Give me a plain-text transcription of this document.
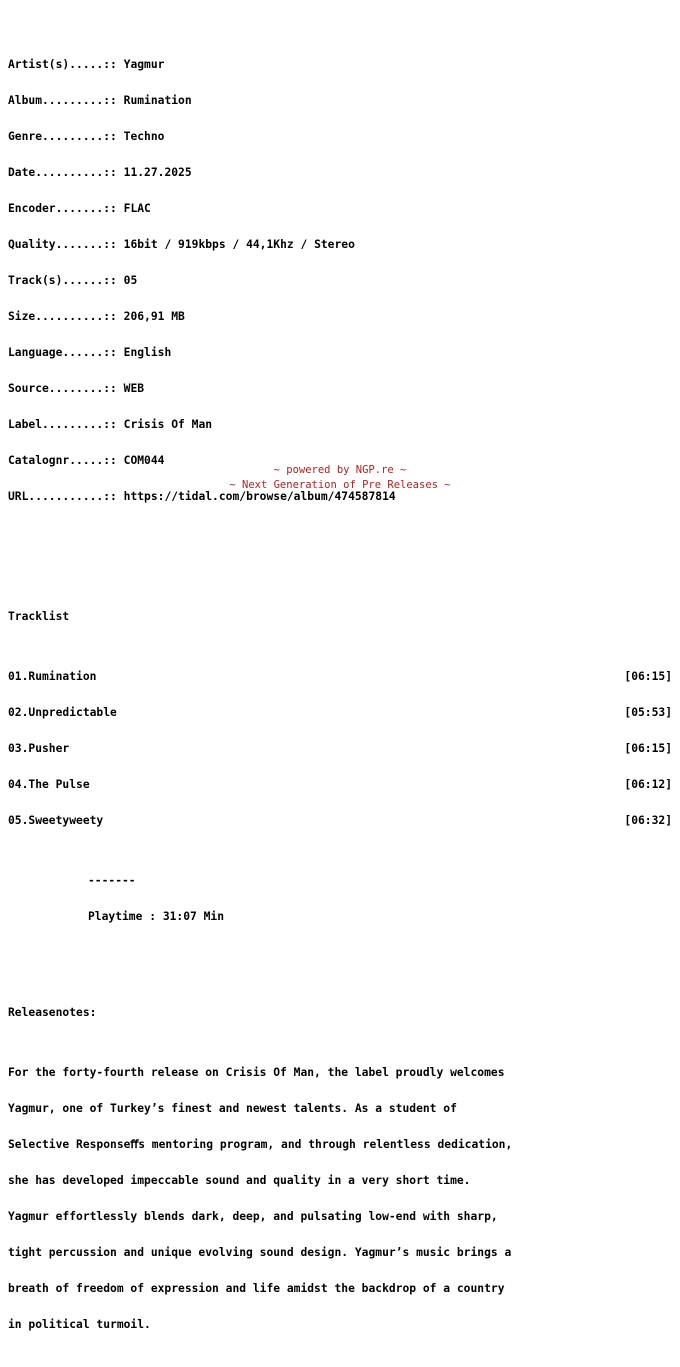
Artist(s).....:: Yagmur

Album.........:: Rumination

Genre.........:: Techno

Date..........:: 11.27.2025

Encoder.......:: FLAC

Quality.......:: 16bit / 919kbps / 44,1Khz / Stereo

Track(s)......:: 05

Size..........:: 206,91 MB

Language......:: English

Source........:: WEB

Label.........:: Crisis Of Man

Catalognr.....:: COM044

URL...........:: https://tidal.com/browse/album/474587814

Tracklist

01.Rumination	[06:15]

02.Unpredictable	[05:53]

03.Pusher	[06:15]

04.The Pulse	[06:12]

05.Sweetyweety	[06:32]

-------

Playtime : 31:07 Min

Releasenotes:

For the forty-fourth release on Crisis Of Man, the label proudly welcomes

Yagmur, one of Turkey’s finest and newest talents. As a student of

Selective Responseﬀs mentoring program, and through relentless dedication,

she has developed impeccable sound and quality in a very short time.

Yagmur effortlessly blends dark, deep, and pulsating low-end with sharp,

tight percussion and unique evolving sound design. Yagmur’s music brings a

breath of freedom of expression and life amidst the backdrop of a country

in political turmoil.

~ powered by NGP.re ~
~ Next Generation of Pre Releases ~
